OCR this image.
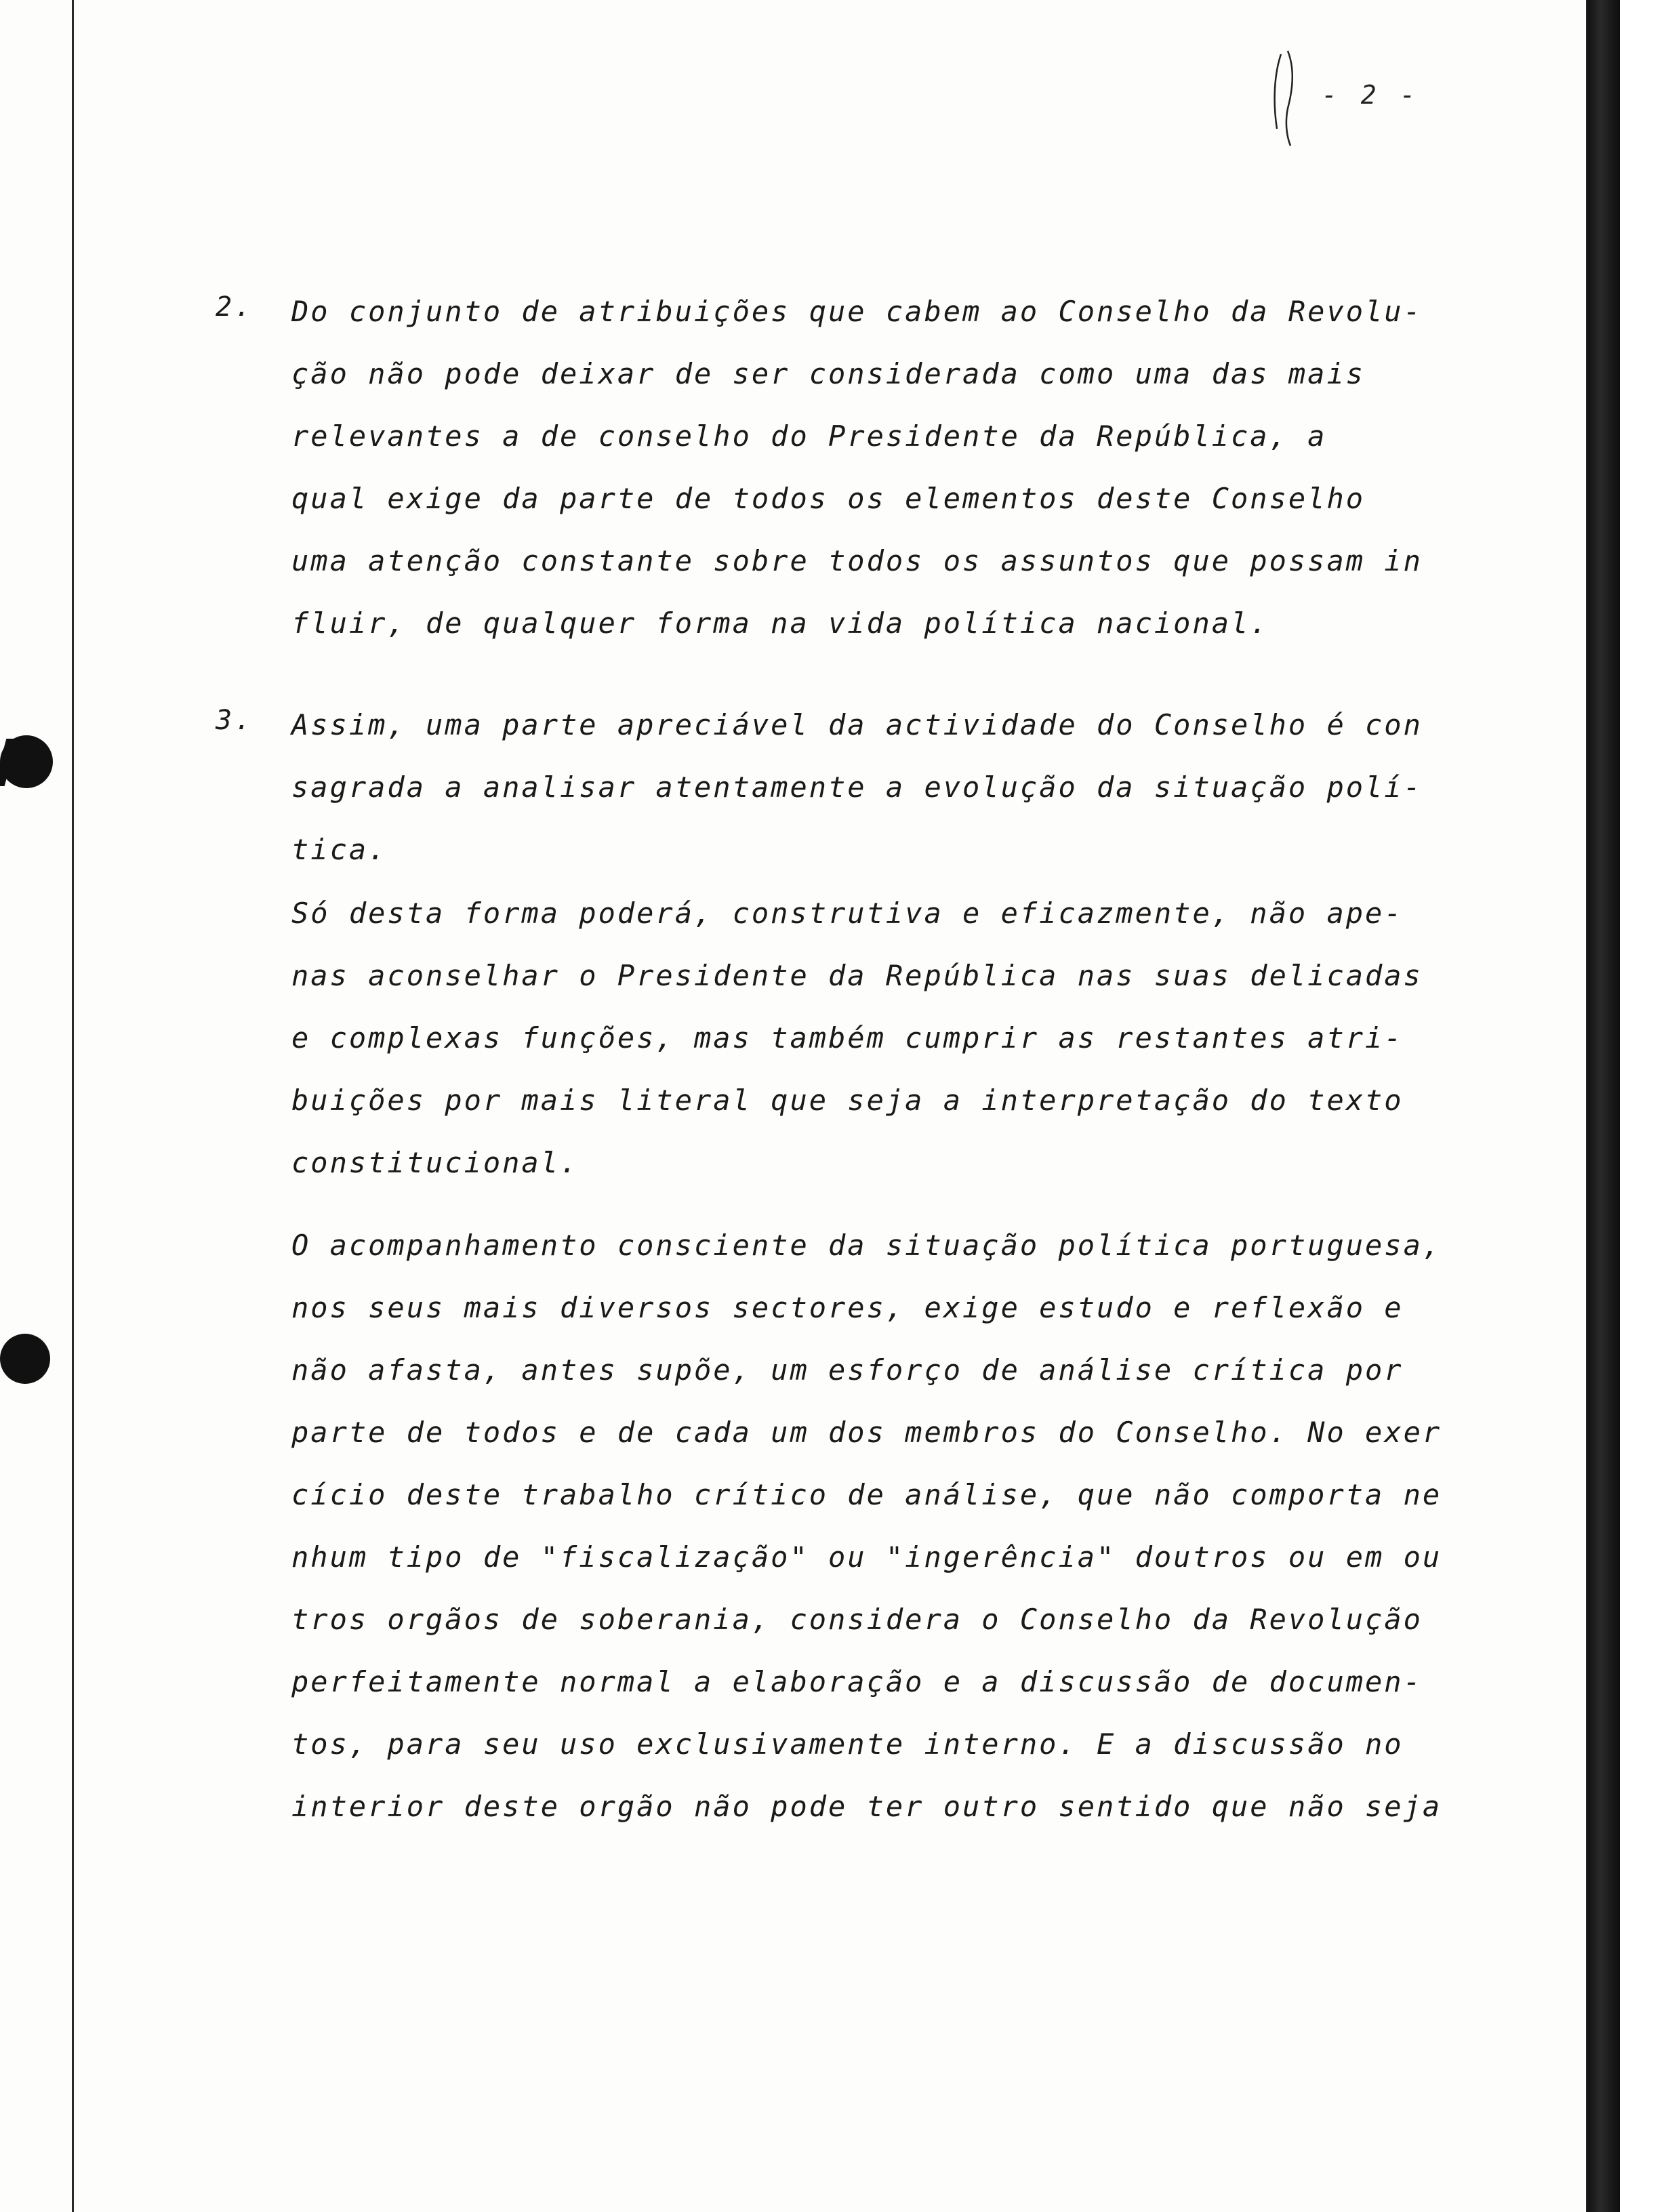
- 2 -
2. Do conjunto de atribuições que cabem ao Conselho da Revolu-
ção não pode deixar de ser considerada como uma das mais
relevantes a de conselho do Presidente da República, a
qual exige da parte de todos os elementos deste Conselho
uma atenção constante sobre todos os assuntos que possam in
fluir, de qualquer forma na vida política nacional.
3. Assim, uma parte apreciável da actividade do Conselho é con
sagrada a analisar atentamente a evolução da situação polí-
tica.
Só desta forma poderá, construtiva e eficazmente, não ape-
nas aconselhar o Presidente da República nas suas delicadas
e complexas funções, mas também cumprir as restantes atri-
buições por mais literal que seja a interpretação do texto
constitucional.
O acompanhamento consciente da situação política portuguesa,
nos seus mais diversos sectores, exige estudo e reflexão e
não afasta, antes supõe, um esforço de análise crítica por
parte de todos e de cada um dos membros do Conselho. No exer
cício deste trabalho crítico de análise, que não comporta ne
nhum tipo de "fiscalização" ou "ingerência" doutros ou em ou
tros orgãos de soberania, considera o Conselho da Revolução
perfeitamente normal a elaboração e a discussão de documen-
tos, para seu uso exclusivamente interno. E a discussão no
interior deste orgão não pode ter outro sentido que não seja
